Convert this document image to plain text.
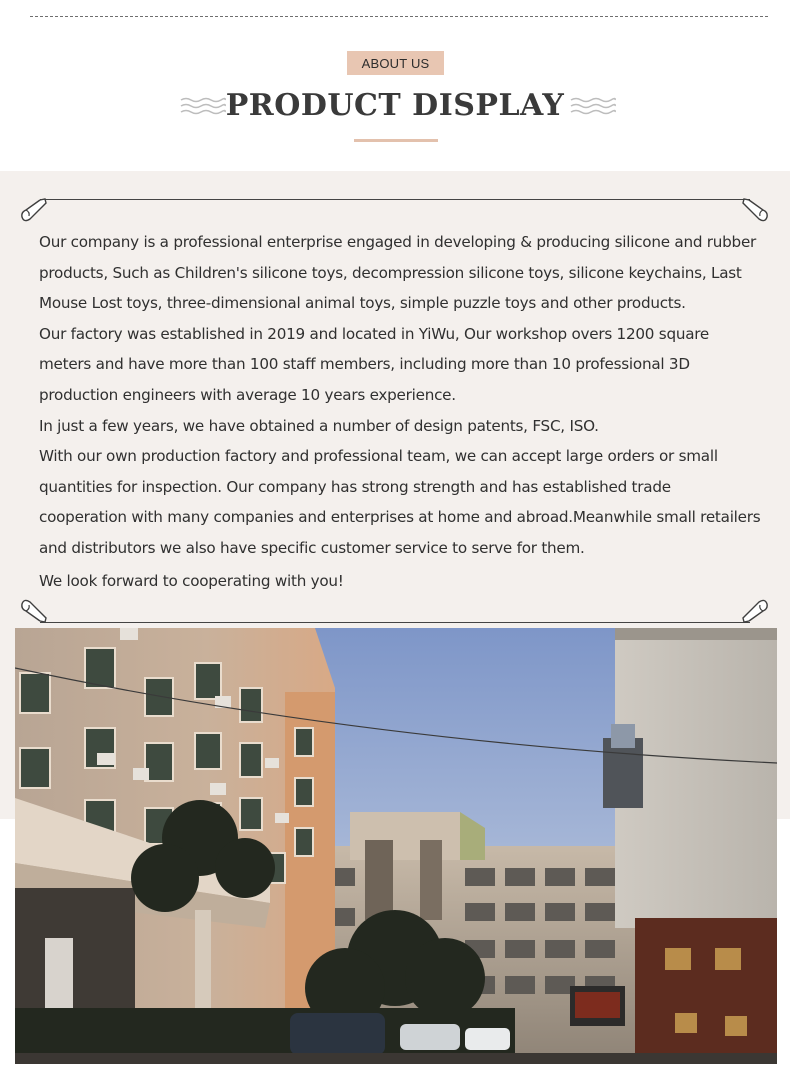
ABOUT US
PRODUCT DISPLAY

Our company is a professional enterprise engaged in developing & producing silicone and rubber products, Such as Children's silicone toys, decompression silicone toys, silicone keychains, Last Mouse Lost toys, three-dimensional animal toys, simple puzzle toys and other products.

Our factory was established in 2019 and located in YiWu, Our workshop overs 1200 square meters and have more than 100 staff members, including more than 10 professional 3D production engineers with average 10 years experience.

In just a few years, we have obtained a number of design patents, FSC, ISO.

With our own production factory and professional team, we can accept large orders or small quantities for inspection. Our company has strong strength and has established trade cooperation with many companies and enterprises at home and abroad.Meanwhile small retailers and distributors we also have specific customer service to serve for them.

We look forward to cooperating with you!
